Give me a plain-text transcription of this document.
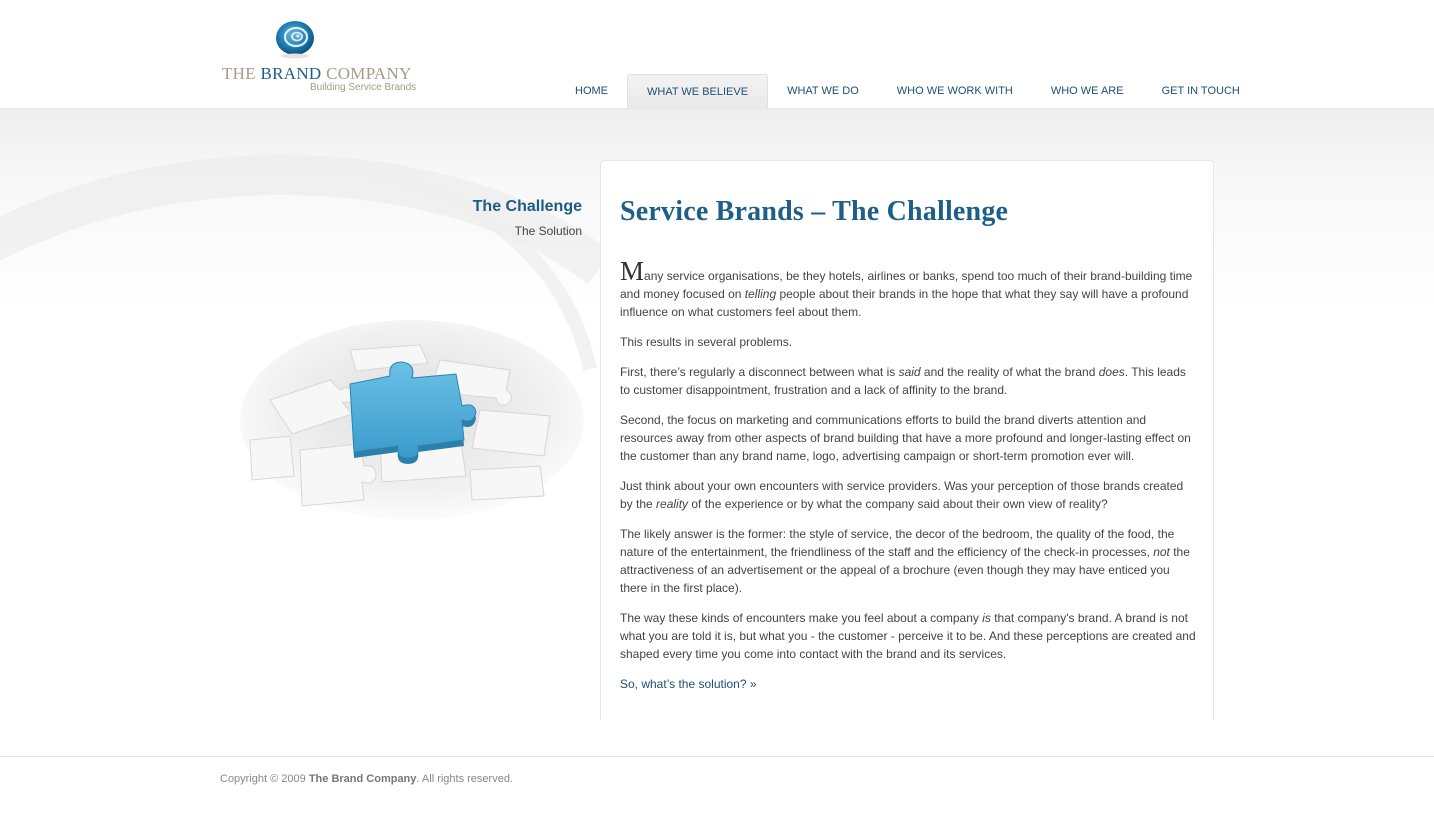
THE BRAND COMPANY
Building Service Brands	HOME	WHAT WE BELIEVE	WHAT WE DO	WHO WE WORK WITH	WHO WE ARE	GET IN TOUCH
The Challenge
The Solution
Service Brands – The Challenge

Many service organisations, be they hotels, airlines or banks, spend too much of their brand-building time and money focused on telling people about their brands in the hope that what they say will have a profound influence on what customers feel about them.

This results in several problems.

First, there’s regularly a disconnect between what is said and the reality of what the brand does. This leads to customer disappointment, frustration and a lack of affinity to the brand.

Second, the focus on marketing and communications efforts to build the brand diverts attention and resources away from other aspects of brand building that have a more profound and longer-lasting effect on the customer than any brand name, logo, advertising campaign or short-term promotion ever will.

Just think about your own encounters with service providers. Was your perception of those brands created by the reality of the experience or by what the company said about their own view of reality?

The likely answer is the former: the style of service, the decor of the bedroom, the quality of the food, the nature of the entertainment, the friendliness of the staff and the efficiency of the check-in processes, not the attractiveness of an advertisement or the appeal of a brochure (even though they may have enticed you there in the first place).

The way these kinds of encounters make you feel about a company is that company's brand. A brand is not what you are told it is, but what you - the customer - perceive it to be. And these perceptions are created and shaped every time you come into contact with the brand and its services.

So, what’s the solution? »

Copyright © 2009 The Brand Company. All rights reserved.
